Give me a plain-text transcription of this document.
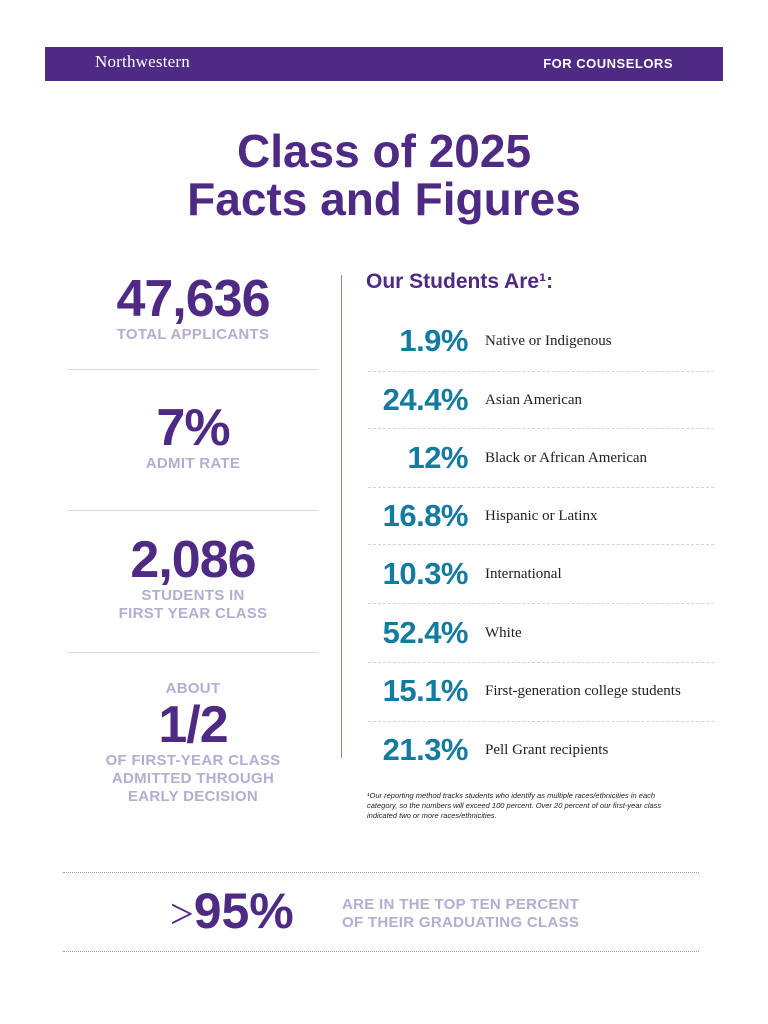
Northwestern	FOR COUNSELORS
Class of 2025
Facts and Figures
47,636
TOTAL APPLICANTS
7%
ADMIT RATE
2,086
STUDENTS IN
FIRST YEAR CLASS
ABOUT
1/2
OF FIRST-YEAR CLASS
ADMITTED THROUGH
EARLY DECISION
Our Students Are¹:
1.9% Native or Indigenous
24.4% Asian American
12% Black or African American
16.8% Hispanic or Latinx
10.3% International
52.4% White
15.1% First-generation college students
21.3% Pell Grant recipients
¹Our reporting method tracks students who identify as multiple races/ethnicities in each category, so the numbers will exceed 100 percent. Over 20 percent of our first-year class indicated two or more races/ethnicities.
>95%	ARE IN THE TOP TEN PERCENT
OF THEIR GRADUATING CLASS
